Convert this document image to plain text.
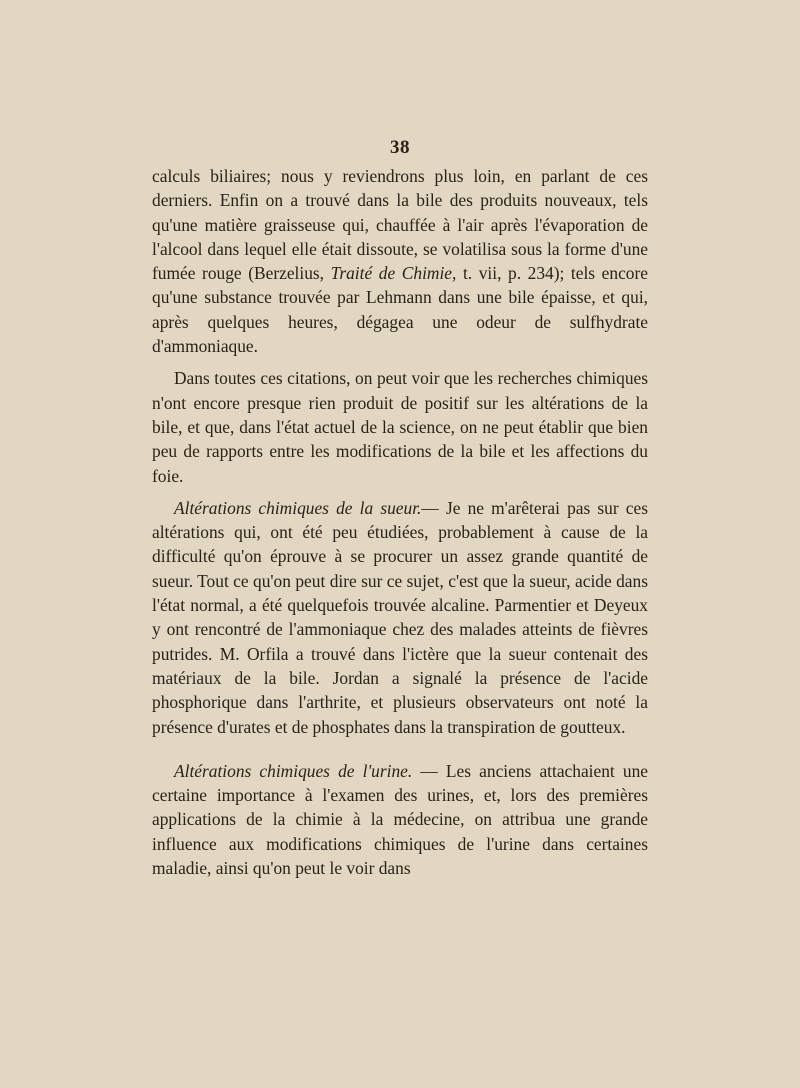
38

calculs biliaires; nous y reviendrons plus loin, en parlant de ces derniers. Enfin on a trouvé dans la bile des produits nouveaux, tels qu'une matière graisseuse qui, chauffée à l'air après l'évaporation de l'alcool dans lequel elle était dissoute, se volatilisa sous la forme d'une fumée rouge (Berzelius, Traité de Chimie, t. vii, p. 234); tels encore qu'une substance trouvée par Lehmann dans une bile épaisse, et qui, après quelques heures, dégagea une odeur de sulfhydrate d'ammoniaque.

Dans toutes ces citations, on peut voir que les recherches chimiques n'ont encore presque rien produit de positif sur les altérations de la bile, et que, dans l'état actuel de la science, on ne peut établir que bien peu de rapports entre les modifications de la bile et les affections du foie.

Altérations chimiques de la sueur.— Je ne m'arêterai pas sur ces altérations qui, ont été peu étudiées, probablement à cause de la difficulté qu'on éprouve à se procurer un assez grande quantité de sueur. Tout ce qu'on peut dire sur ce sujet, c'est que la sueur, acide dans l'état normal, a été quelquefois trouvée alcaline. Parmentier et Deyeux y ont rencontré de l'ammoniaque chez des malades atteints de fièvres putrides. M. Orfila a trouvé dans l'ictère que la sueur contenait des matériaux de la bile. Jordan a signalé la présence de l'acide phosphorique dans l'arthrite, et plusieurs observateurs ont noté la présence d'urates et de phosphates dans la transpiration de goutteux.

Altérations chimiques de l'urine. — Les anciens attachaient une certaine importance à l'examen des urines, et, lors des premières applications de la chimie à la médecine, on attribua une grande influence aux modifications chimiques de l'urine dans certaines maladie, ainsi qu'on peut le voir dans
